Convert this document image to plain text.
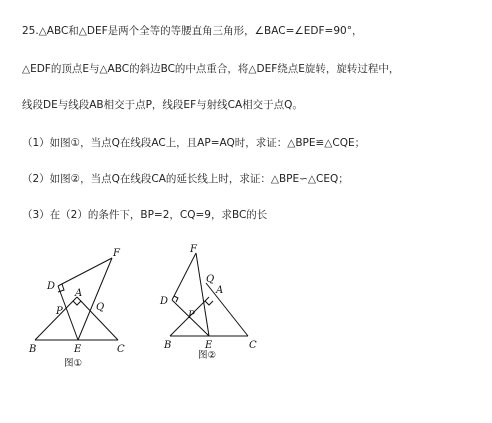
25.△ABC和△DEF是两个全等的等腰直角三角形，∠BAC=∠EDF=90°，
△EDF的顶点E与△ABC的斜边BC的中点重合，将△DEF绕点E旋转，旋转过程中，
线段DE与线段AB相交于点P，线段EF与射线CA相交于点Q。
（1）如图①，当点Q在线段AC上，且AP=AQ时，求证：△BPE≌△CQE；
（2）如图②，当点Q在线段CA的延长线上时，求证：△BPE∽△CEQ；
（3）在（2）的条件下，BP=2，CQ=9，求BC的长
F
D
A
P	Q
B	E	C
图①
F
Q
A
D
P
B	E	C
图②
